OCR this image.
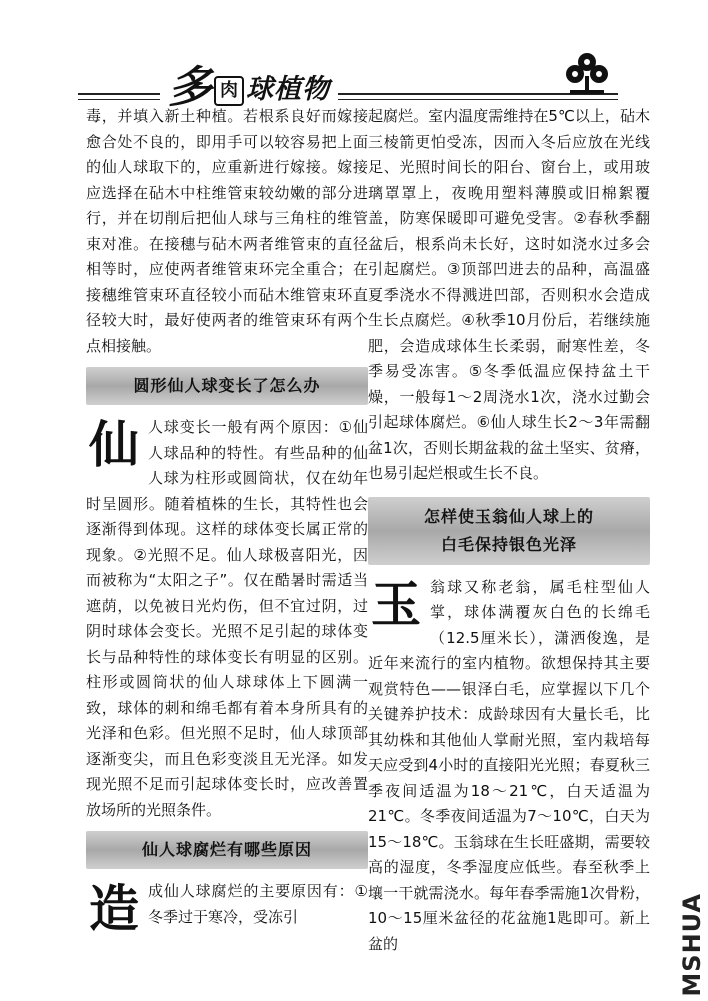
多 肉 球植物

毒，并填入新土种植。若根系良好而嫁接愈合处不良的，即用手可以较容易把上面的仙人球取下的，应重新进行嫁接。嫁接应选择在砧木中柱维管束较幼嫩的部分进行，并在切削后把仙人球与三角柱的维管束对准。在接穗与砧木两者维管束的直径相等时，应使两者维管束环完全重合；在接穗维管束环直径较小而砧木维管束环直径较大时，最好使两者的维管束环有两个点相接触。

圆形仙人球变长了怎么办

仙人球变长一般有两个原因：①仙人球品种的特性。有些品种的仙人球为柱形或圆筒状，仅在幼年时呈圆形。随着植株的生长，其特性也会逐渐得到体现。这样的球体变长属正常的现象。②光照不足。仙人球极喜阳光，因而被称为“太阳之子”。仅在酷暑时需适当遮荫，以免被日光灼伤，但不宜过阴，过阴时球体会变长。光照不足引起的球体变长与品种特性的球体变长有明显的区别。柱形或圆筒状的仙人球球体上下圆满一致，球体的刺和绵毛都有着本身所具有的光泽和色彩。但光照不足时，仙人球顶部逐渐变尖，而且色彩变淡且无光泽。如发现光照不足而引起球体变长时，应改善置放场所的光照条件。

仙人球腐烂有哪些原因

造成仙人球腐烂的主要原因有：①冬季过于寒冷，受冻引

起腐烂。室内温度需维持在5℃以上，砧木三棱箭更怕受冻，因而入冬后应放在光线足、光照时间长的阳台、窗台上，或用玻璃罩罩上，夜晚用塑料薄膜或旧棉絮覆盖，防寒保暖即可避免受害。②春秋季翻盆后，根系尚未长好，这时如浇水过多会引起腐烂。③顶部凹进去的品种，高温盛夏季浇水不得溅进凹部，否则积水会造成生长点腐烂。④秋季10月份后，若继续施肥，会造成球体生长柔弱，耐寒性差，冬季易受冻害。⑤冬季低温应保持盆土干燥，一般每1～2周浇水1次，浇水过勤会引起球体腐烂。⑥仙人球生长2～3年需翻盆1次，否则长期盆栽的盆土坚实、贫瘠，也易引起烂根或生长不良。

怎样使玉翁仙人球上的
白毛保持银色光泽

玉翁球又称老翁，属毛柱型仙人掌，球体满覆灰白色的长绵毛（12.5厘米长），潇洒俊逸，是近年来流行的室内植物。欲想保持其主要观赏特色——银泽白毛，应掌握以下几个关键养护技术：成龄球因有大量长毛，比其幼株和其他仙人掌耐光照，室内栽培每天应受到4小时的直接阳光光照；春夏秋三季夜间适温为18～21℃，白天适温为21℃。冬季夜间适温为7～10℃，白天为15～18℃。玉翁球在生长旺盛期，需要较高的湿度，冬季湿度应低些。春至秋季上壤一干就需浇水。每年春季需施1次骨粉，10～15厘米盆径的花盆施1匙即可。新上盆的	MSHUA
